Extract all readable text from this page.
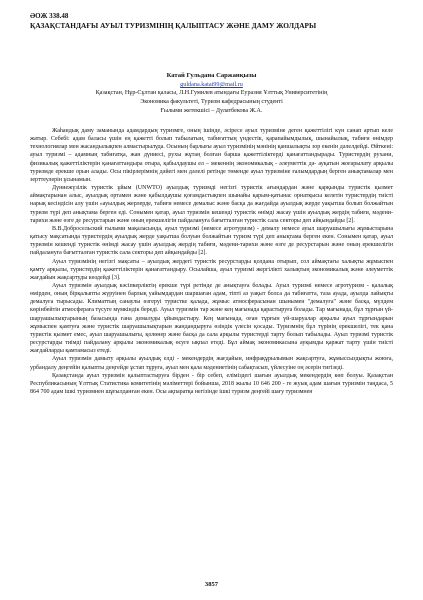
ӘОЖ 338.48
ҚАЗАҚСТАНДАҒЫ АУЫЛ ТУРИЗМІНІҢ ҚАЛЫПТАСУ ЖӘНЕ ДАМУ ЖОЛДАРЫ
Катай Гульдана Саржанқызы
guldana.katai99@mail.ru
Қазақстан, Нұр-Сұлтан қаласы, Л.Н.Гумилев атындағы Еуразия Ұлттық Университетінің
Экономика факультеті, Туризм кафедрасының студенті
Ғылыми жетекшісі – Дулатбекова Ж.А.

Жаһандық даму заманында адамдардың туризмге, оның ішінде, әсіресе ауыл туризміне деген қажеттілігі күн санап артып келе жатыр. Себебі: адам баласы үшін ең қажетті болып табылатын, табиғаттың үндестік, қарапайымдылық, шынайылық, табиғи өнімдер технологиялар мен жасандылықпен алмастырылуда. Осының барлығы ауыл туризмінің мәнінің қаншалықты зор екенін дәлелдейді. Өйткені: ауыл туризмі – адамның табиғатқа, жан дүниесі, рухы жұтаң болған барша қажеттіліктерді қанағаттандырады. Туристердің рухани, физикалық қажеттіліктерін қанағаттандыра отыра, қабылдаушы ел – мекеннің экономикалық - әлеуметтік дә- ауқатын жоғарылату арқылы туризмде ерекше орын алады. Осы пікірлерімнің дәйегі мен дәлелі ретінде төменде ауыл туризміне ғалымдардың берген анықтамалар мен зерттеулерін ұсынамын.

Дүниежүзілік туристік ұйым (UNWTO) ауылдық туризмді негізгі туристік ағындардан және қарқынды туристік қызмет аймақтарынан алыс, ауылдық ортамен және қабылдаушы қоғамдастықпен шынайы қарым-қатынас орнатқысы келетін туристердің тиісті нарық кесіндісін алу үшін «ауылдық жерлерде, табиғи немесе демалыс және басқа да жағдайда ауылдық жерде уақытша болып болжайтын туризм түрі деп анықтама берген еді. Сонымен қатар, ауыл туризмін кешенді туристік өнімді жасау үшін ауылдық жердің табиғи, мәдени-тарихи және өзге де ресурстарын және оның ерекшелігін пайдалануға бағытталған туристік сала секторы деп айқындайды [2].

В.В.Добросельский ғылыми мақаласында, ауыл туризмі (немесе агротуризм) - демалу немесе ауыл шаруашылығы жұмыстарына қатысу мақсатында туристердің ауылдық жерде уақытша болуын болжайтын туризм түрі деп анықтама берген екен. Сонымен қатар, ауыл туризмін кешенді туристік өнімді жасау үшін ауылдық жердің табиғи, мәдени-тарихи және өзге де ресурстарын және оның ерекшелігін пайдалануға бағытталған туристік сала секторы деп айқындайды [2].

Ауыл туризмінің негізгі мақсаты – ауылдық жердегі туристік ресурстарды қолдана отырып, сол аймақтағы халықты жұмыспен қамту арқылы, туристердің қажеттіліктерін қанағаттандыру. Осылайша, ауыл туризмі жергілікті халықтың экономикалық және әлеуметтік жағдайын жақсартуды көздейді [3].

Ауыл туризмін ауылдық кәсіпкерліктің ерекше түрі ретінде де анықтауға болады. Ауыл туризмі немесе агротуризм - қалалық өмірден, оның бірқалыпты жүруінен барлық уайымдардан шаршаған адам, тіпті аз уақыт болса да табиғатта, таза ауада, ауылда лайықты демалуға тырысады. Климаттың санаулы өзгеруі туристке қалада, жұмыс атмосферасынан шынымен "демалуға" және басқа, мүлдем көрінбейтін атмосфераға түсуге мүмкіндік береді. Ауыл туризмін тар және кең мағынада қарастыруға болады. Тар мағынада, бұл тұрғын үй-шаруашылықтарының базасында ғана демалуды ұйымдастыру. Кең мағынада, оған тұрғын үй-шаруалар арқылы ауыл тұрғындарын жұмыспен қамтуға және туристік шаруашылықтарын жандандыруға өзіндік үлесін қосады. Туризмнің бұл түрінің ерекшелігі, тек қана туристік қызмет емес, ауыл шаруашылығы, қолөнер және басқа да сала арқылы туристерді тарту болып табылады. Ауыл туризмі туристік ресурстарды тиімді пайдалану арқылы экономикалық өсуге ықпал етеді. Бұл аймақ экономикасына ауқымды қаржат тарту үшін тиісті жағдайларды қамтамасыз етеді.

Ауыл туризмін дамыту арқылы ауылдық елді - мекендердің жағдайын, инфрақұрылымын жақсартуға, жұмыссыздықты жоюға, урбандалу деңгейін қалыпты деңгейде ұстап тұруға, ауыл мен қала мәдениетінің сабақтасып, үйлесуіне оң әсерін тигізеді.

Қазақстанда ауыл туризмін қалыптастыруға бірден - бір себеп, еліміздегі шағын ауылдық мекендердің көп болуы. Қазақстан Республикасының Ұлттық Статистика комитетінің мәліметтері бойынша, 2018 жылы 10 646 200 - ге жуық адам шағын туризмін таңдаса, 5 864 700 адам ішкі туризмнен шұғылданған екен. Осы ақпаратқа негізінде ішкі туризм деңгейі шағу туризмнен

3857
